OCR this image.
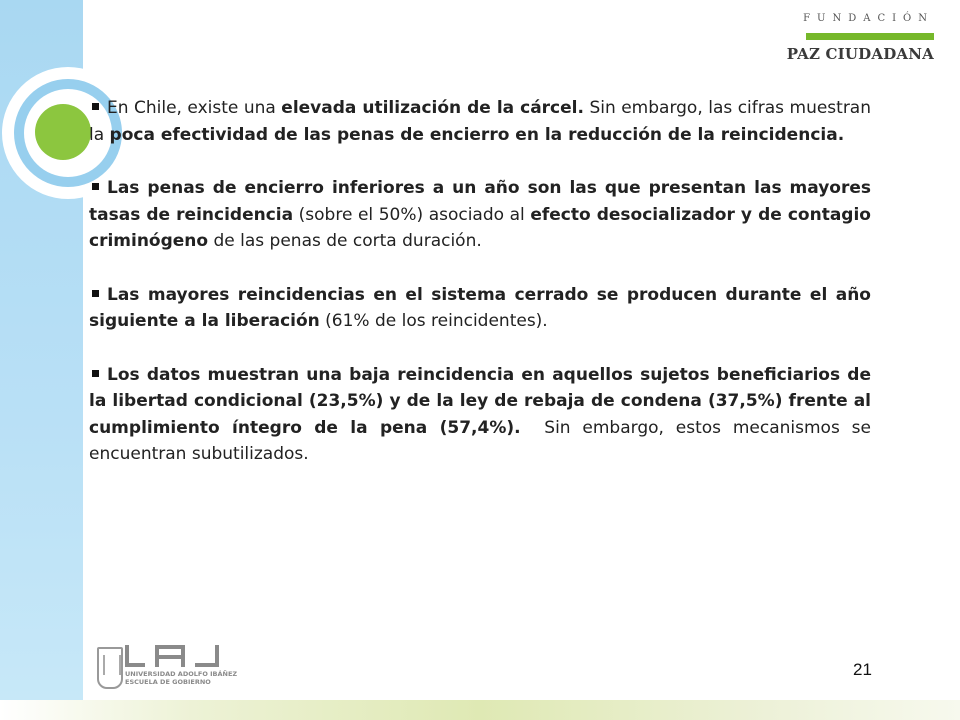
FUNDACIÓN
PAZ CIUDADANA

En Chile, existe una elevada utilización de la cárcel. Sin embargo, las cifras muestran la poca efectividad de las penas de encierro en la reducción de la reincidencia.

Las penas de encierro inferiores a un año son las que presentan las mayores tasas de reincidencia (sobre el 50%) asociado al efecto desocializador y de contagio criminógeno de las penas de corta duración.

Las mayores reincidencias en el sistema cerrado se producen durante el año siguiente a la liberación (61% de los reincidentes).

Los datos muestran una baja reincidencia en aquellos sujetos beneficiarios de la libertad condicional (23,5%) y de la ley de rebaja de condena (37,5%) frente al cumplimiento íntegro de la pena (57,4%).  Sin embargo, estos mecanismos se encuentran subutilizados.

UNIVERSIDAD ADOLFO IBÁÑEZ
ESCUELA DE GOBIERNO
21
